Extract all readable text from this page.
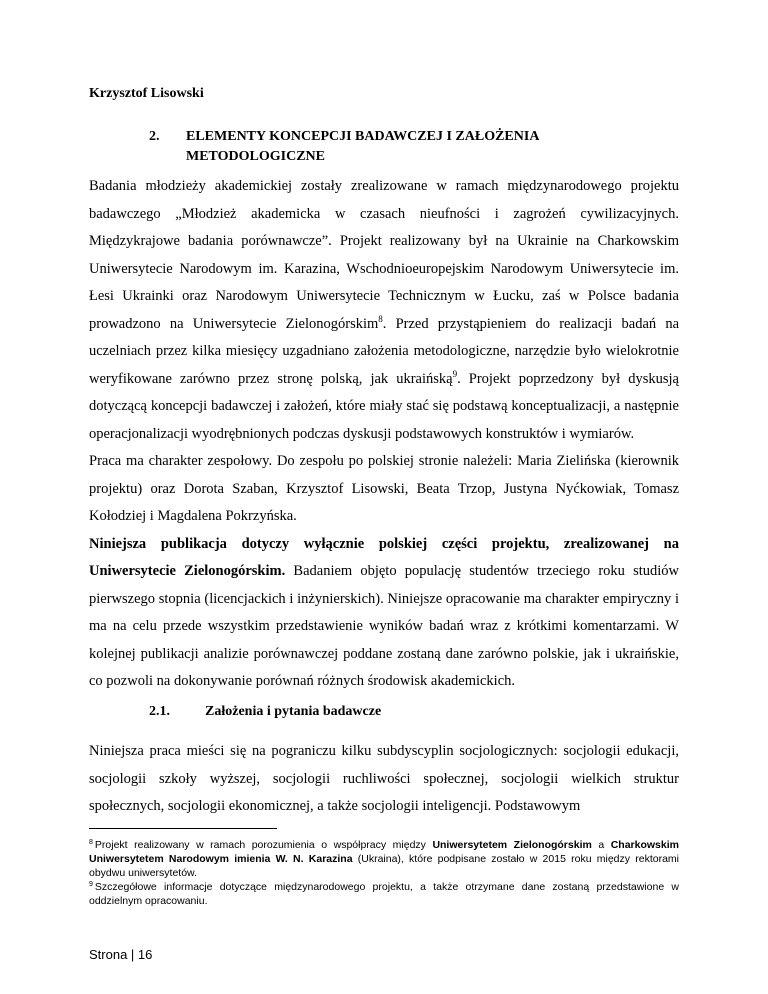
Krzysztof Lisowski
2. ELEMENTY KONCEPCJI BADAWCZEJ I ZAŁOŻENIA METODOLOGICZNE

Badania młodzieży akademickiej zostały zrealizowane w ramach międzynarodowego projektu badawczego „Młodzież akademicka w czasach nieufności i zagrożeń cywilizacyjnych. Międzykrajowe badania porównawcze”. Projekt realizowany był na Ukrainie na Charkowskim Uniwersytecie Narodowym im. Karazina, Wschodnioeuropejskim Narodowym Uniwersytecie im. Łesi Ukrainki oraz Narodowym Uniwersytecie Technicznym w Łucku, zaś w Polsce badania prowadzono na Uniwersytecie Zielonogórskim$^8$. Przed przystąpieniem do realizacji badań na uczelniach przez kilka miesięcy uzgadniano założenia metodologiczne, narzędzie było wielokrotnie weryfikowane zarówno przez stronę polską, jak ukraińską$^9$. Projekt poprzedzony był dyskusją dotyczącą koncepcji badawczej i założeń, które miały stać się podstawą konceptualizacji, a następnie operacjonalizacji wyodrębnionych podczas dyskusji podstawowych konstruktów i wymiarów.

Praca ma charakter zespołowy. Do zespołu po polskiej stronie należeli: Maria Zielińska (kierownik projektu) oraz Dorota Szaban, Krzysztof Lisowski, Beata Trzop, Justyna Nyćkowiak, Tomasz Kołodziej i Magdalena Pokrzyńska.

Niniejsza publikacja dotyczy wyłącznie polskiej części projektu, zrealizowanej na Uniwersytecie Zielonogórskim. Badaniem objęto populację studentów trzeciego roku studiów pierwszego stopnia (licencjackich i inżynierskich). Niniejsze opracowanie ma charakter empiryczny i ma na celu przede wszystkim przedstawienie wyników badań wraz z krótkimi komentarzami. W kolejnej publikacji analizie porównawczej poddane zostaną dane zarówno polskie, jak i ukraińskie, co pozwoli na dokonywanie porównań różnych środowisk akademickich.

2.1.	Założenia i pytania badawcze

Niniejsza praca mieści się na pograniczu kilku subdyscyplin socjologicznych: socjologii edukacji, socjologii szkoły wyższej, socjologii ruchliwości społecznej, socjologii wielkich struktur społecznych, socjologii ekonomicznej, a także socjologii inteligencji. Podstawowym

$^8$ Projekt realizowany w ramach porozumienia o współpracy między Uniwersytetem Zielonogórskim a Charkowskim Uniwersytetem Narodowym imienia W. N. Karazina (Ukraina), które podpisane zostało w 2015 roku między rektorami obydwu uniwersytetów.

$^9$ Szczegółowe informacje dotyczące międzynarodowego projektu, a także otrzymane dane zostaną przedstawione w oddzielnym opracowaniu.

Strona | 16
